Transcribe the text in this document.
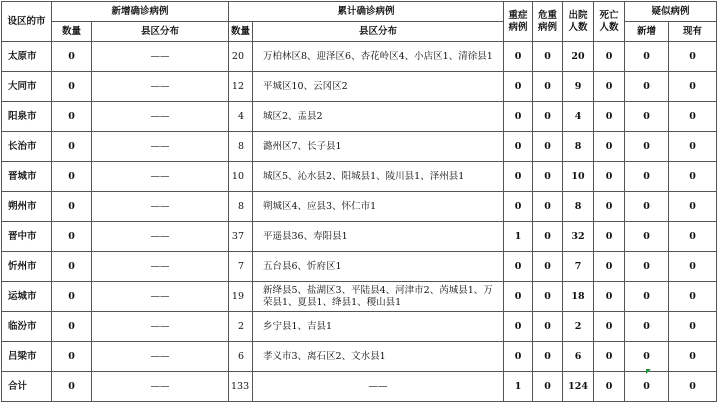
设区的市	新增确诊病例		累计确诊病例		重症病例	危重病例	出院人数	死亡人数	疑似病例	
	数量	县区分布	数量	县区分布					新增	现有
太原市	0	——	20	万柏林区8、迎泽区6、杏花岭区4、小店区1、清徐县1	0	0	20	0	0	0
大同市	0	——	12	平城区10、云冈区2	0	0	9	0	0	0
阳泉市	0	——	4	城区2、盂县2	0	0	4	0	0	0
长治市	0	——	8	潞州区7、长子县1	0	0	8	0	0	0
晋城市	0	——	10	城区5、沁水县2、阳城县1、陵川县1、泽州县1	0	0	10	0	0	0
朔州市	0	——	8	朔城区4、应县3、怀仁市1	0	0	8	0	0	0
晋中市	0	——	37	平遥县36、寿阳县1	1	0	32	0	0	0
忻州市	0	——	7	五台县6、忻府区1	0	0	7	0	0	0
运城市	0	——	19	新绛县5、盐湖区3、平陆县4、河津市2、芮城县1、万荣县1、夏县1、绛县1、稷山县1	0	0	18	0	0	0
临汾市	0	——	2	乡宁县1、吉县1	0	0	2	0	0	0
吕梁市	0	——	6	孝义市3、离石区2、文水县1	0	0	6	0	0	0
合计	0	——	133	——	1	0	124	0	0	0
